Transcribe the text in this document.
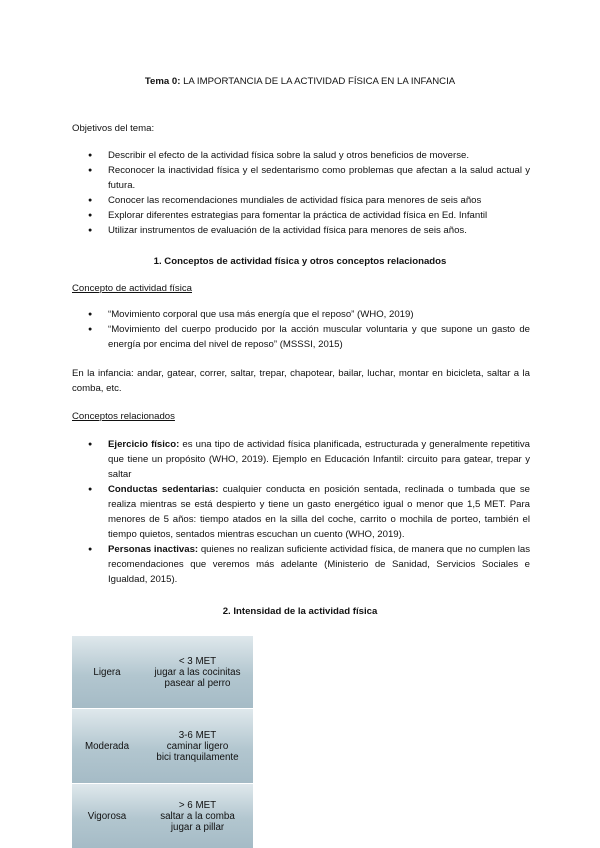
Tema 0: LA IMPORTANCIA DE LA ACTIVIDAD FÍSICA EN LA INFANCIA
Objetivos del tema:
● Describir el efecto de la actividad física sobre la salud y otros beneficios de moverse.
● Reconocer la inactividad física y el sedentarismo como problemas que afectan a la salud actual y futura.
● Conocer las recomendaciones mundiales de actividad física para menores de seis años
● Explorar diferentes estrategias para fomentar la práctica de actividad física en Ed. Infantil
● Utilizar instrumentos de evaluación de la actividad física para menores de seis años.
1. Conceptos de actividad física y otros conceptos relacionados
Concepto de actividad física
● “Movimiento corporal que usa más energía que el reposo” (WHO, 2019)
● “Movimiento del cuerpo producido por la acción muscular voluntaria y que supone un gasto de energía por encima del nivel de reposo” (MSSSI, 2015)
En la infancia: andar, gatear, correr, saltar, trepar, chapotear, bailar, luchar, montar en bicicleta, saltar a la comba, etc.
Conceptos relacionados
● Ejercicio físico: es una tipo de actividad física planificada, estructurada y generalmente repetitiva que tiene un propósito (WHO, 2019). Ejemplo en Educación Infantil: circuito para gatear, trepar y saltar
● Conductas sedentarias: cualquier conducta en posición sentada, reclinada o tumbada que se realiza mientras se está despierto y tiene un gasto energético igual o menor que 1,5 MET. Para menores de 5 años: tiempo atados en la silla del coche, carrito o mochila de porteo, también el tiempo quietos, sentados mientras escuchan un cuento (WHO, 2019).
● Personas inactivas: quienes no realizan suficiente actividad física, de manera que no cumplen las recomendaciones que veremos más adelante (Ministerio de Sanidad, Servicios Sociales e Igualdad, 2015).
2. Intensidad de la actividad física
Ligera
< 3 MET
jugar a las cocinitas
pasear al perro
Moderada
3-6 MET
caminar ligero
bici tranquilamente
Vigorosa
> 6 MET
saltar a la comba
jugar a pillar
